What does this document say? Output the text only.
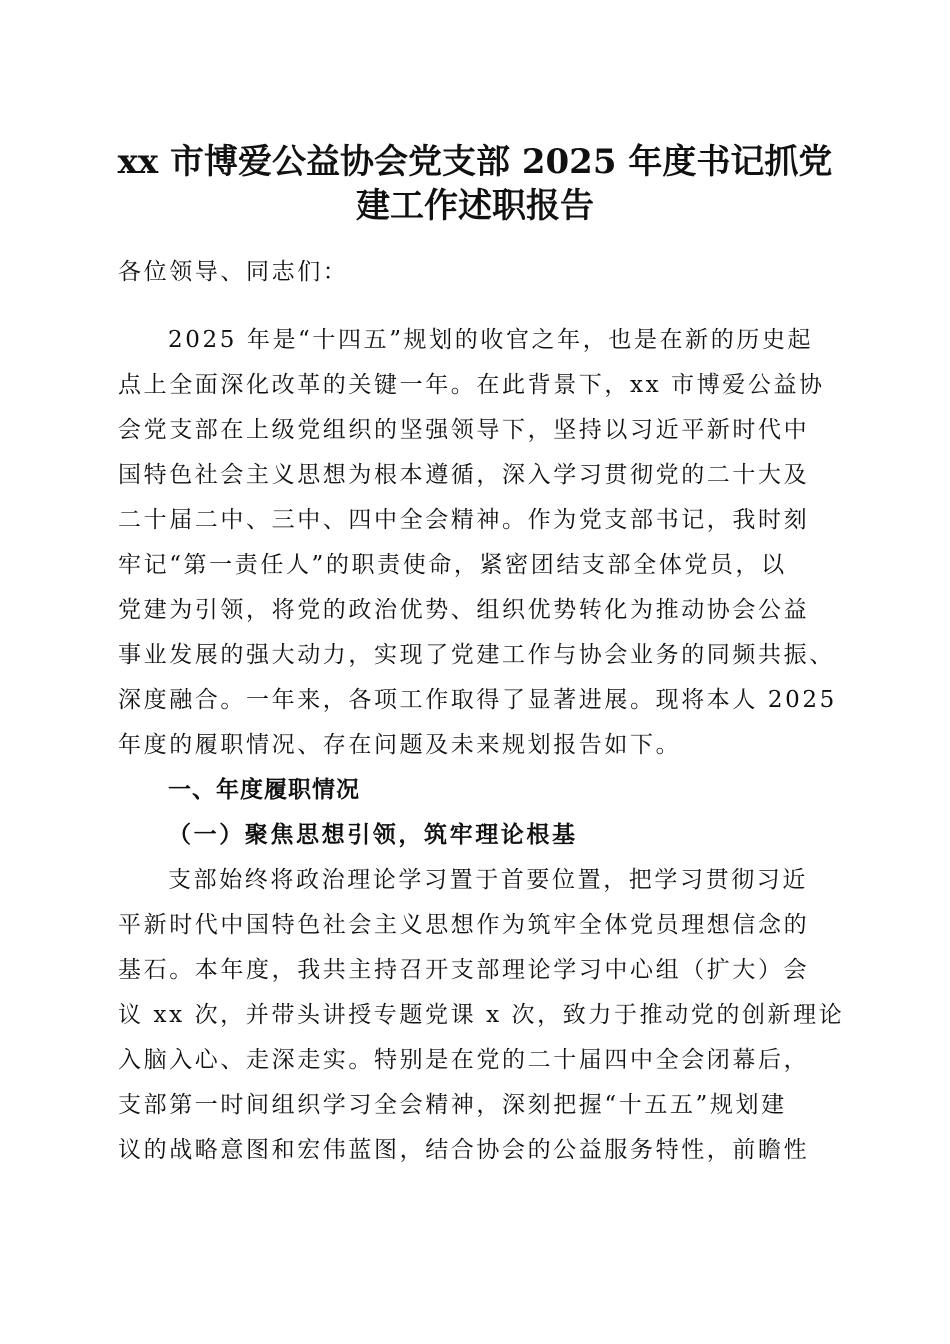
xx 市博爱公益协会党支部 2025 年度书记抓党
建工作述职报告
各位领导、同志们：
2025 年是“十四五”规划的收官之年，也是在新的历史起
点上全面深化改革的关键一年。在此背景下，xx 市博爱公益协
会党支部在上级党组织的坚强领导下，坚持以习近平新时代中
国特色社会主义思想为根本遵循，深入学习贯彻党的二十大及
二十届二中、三中、四中全会精神。作为党支部书记，我时刻
牢记“第一责任人”的职责使命，紧密团结支部全体党员，以
党建为引领，将党的政治优势、组织优势转化为推动协会公益
事业发展的强大动力，实现了党建工作与协会业务的同频共振、
深度融合。一年来，各项工作取得了显著进展。现将本人 2025
年度的履职情况、存在问题及未来规划报告如下。
一、年度履职情况
（一）聚焦思想引领，筑牢理论根基
支部始终将政治理论学习置于首要位置，把学习贯彻习近
平新时代中国特色社会主义思想作为筑牢全体党员理想信念的
基石。本年度，我共主持召开支部理论学习中心组（扩大）会
议 xx 次，并带头讲授专题党课 x 次，致力于推动党的创新理论
入脑入心、走深走实。特别是在党的二十届四中全会闭幕后，
支部第一时间组织学习全会精神，深刻把握“十五五”规划建
议的战略意图和宏伟蓝图，结合协会的公益服务特性，前瞻性
